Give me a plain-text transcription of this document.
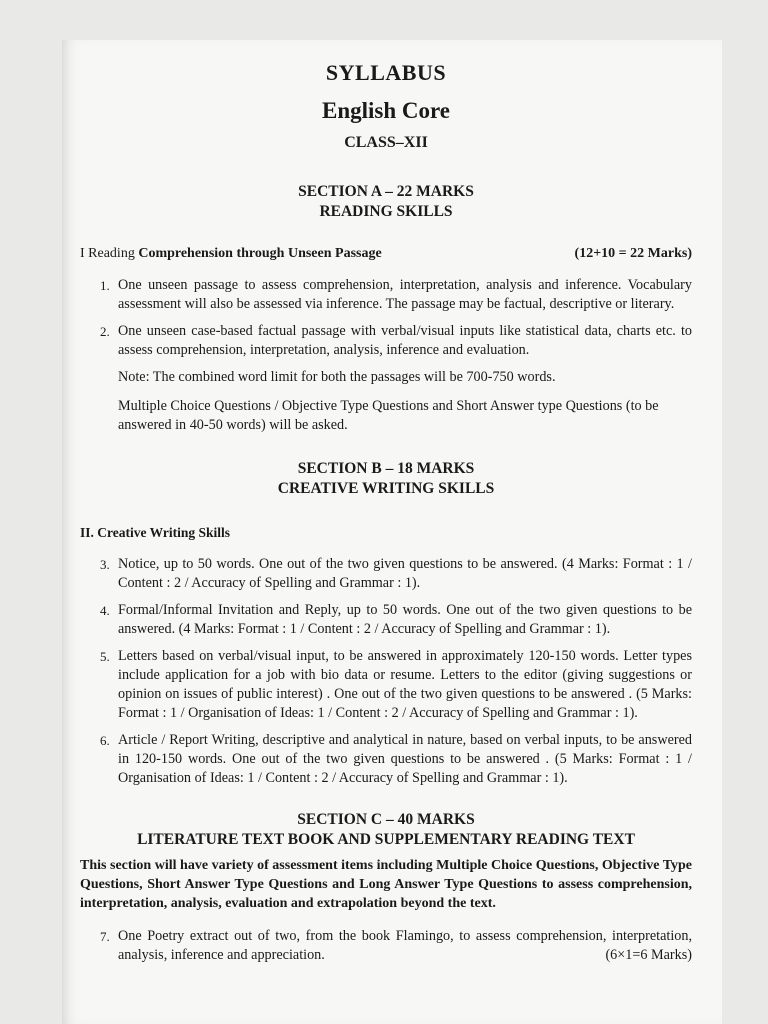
SYLLABUS
English Core
CLASS–XII
SECTION A – 22 MARKS
READING SKILLS
I Reading Comprehension through Unseen Passage	(12+10 = 22 Marks)
1. One unseen passage to assess comprehension, interpretation, analysis and inference. Vocabulary assessment will also be assessed via inference. The passage may be factual, descriptive or literary.
2. One unseen case-based factual passage with verbal/visual inputs like statistical data, charts etc. to assess comprehension, interpretation, analysis, inference and evaluation.

Note: The combined word limit for both the passages will be 700-750 words.

Multiple Choice Questions / Objective Type Questions and Short Answer type Questions (to be answered in 40-50 words) will be asked.

SECTION B – 18 MARKS
CREATIVE WRITING SKILLS
II. Creative Writing Skills
3. Notice, up to 50 words. One out of the two given questions to be answered. (4 Marks: Format : 1 / Content : 2 / Accuracy of Spelling and Grammar : 1).
4. Formal/Informal Invitation and Reply, up to 50 words. One out of the two given questions to be answered. (4 Marks: Format : 1 / Content : 2 / Accuracy of Spelling and Grammar : 1).
5. Letters based on verbal/visual input, to be answered in approximately 120-150 words. Letter types include application for a job with bio data or resume. Letters to the editor (giving suggestions or opinion on issues of public interest) . One out of the two given questions to be answered . (5 Marks: Format : 1 / Organisation of Ideas: 1 / Content : 2 / Accuracy of Spelling and Grammar : 1).
6. Article / Report Writing, descriptive and analytical in nature, based on verbal inputs, to be answered in 120-150 words. One out of the two given questions to be answered . (5 Marks: Format : 1 / Organisation of Ideas: 1 / Content : 2 / Accuracy of Spelling and Grammar : 1).
SECTION C – 40 MARKS
LITERATURE TEXT BOOK AND SUPPLEMENTARY READING TEXT

This section will have variety of assessment items including Multiple Choice Questions, Objective Type Questions, Short Answer Type Questions and Long Answer Type Questions to assess comprehension, interpretation, analysis, evaluation and extrapolation beyond the text.

7. One Poetry extract out of two, from the book Flamingo, to assess comprehension, interpretation, analysis, inference and appreciation.	(6×1=6 Marks)
